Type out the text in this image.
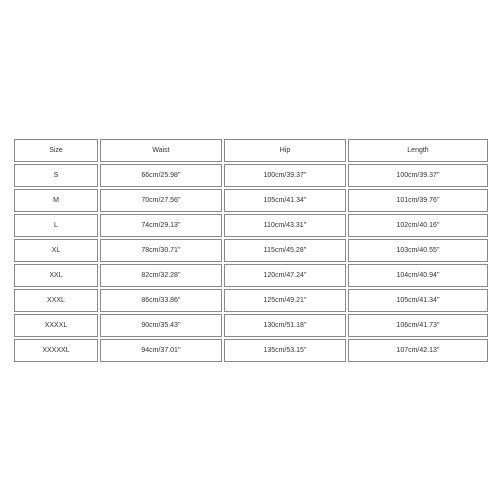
Size	Waist	Hip	Length
S	66cm/25.98''	100cm/39.37''	100cm/39.37''
M	70cm/27.56''	105cm/41.34''	101cm/39.76''
L	74cm/29.13''	110cm/43.31''	102cm/40.16''
XL	78cm/30.71''	115cm/45.28''	103cm/40.55''
XXL	82cm/32.28''	120cm/47.24''	104cm/40.94''
XXXL	86cm/33.86''	125cm/49.21''	105cm/41.34''
XXXXL	90cm/35.43''	130cm/51.18''	106cm/41.73''
XXXXXL	94cm/37.01''	135cm/53.15''	107cm/42.13''
